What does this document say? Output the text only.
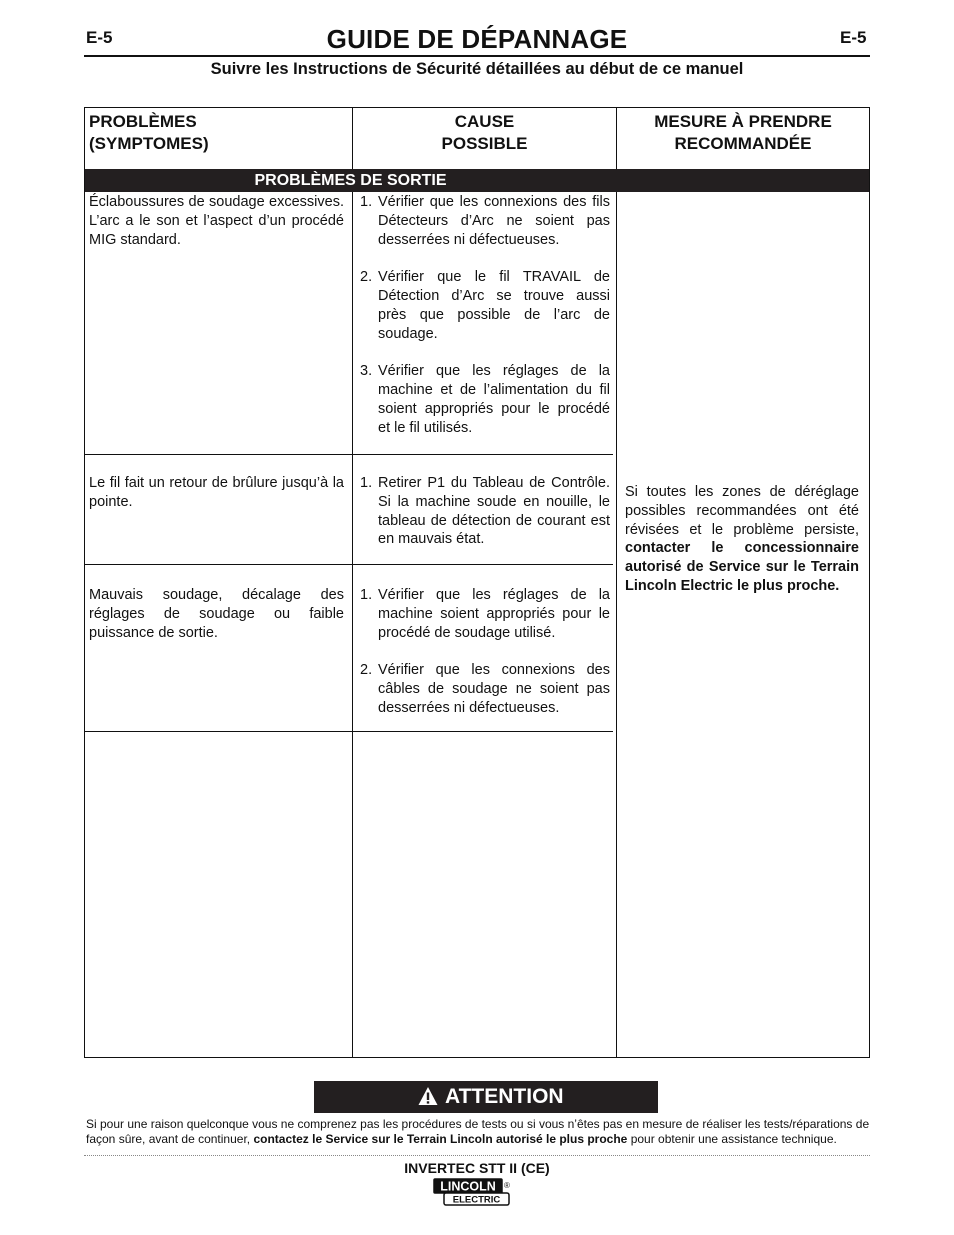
E-5	E-5
GUIDE DE DÉPANNAGE
Suivre les Instructions de Sécurité détaillées au début de ce manuel
PROBLÈMES
(SYMPTOMES)
CAUSE
POSSIBLE
MESURE À PRENDRE
RECOMMANDÉE
PROBLÈMES DE SORTIE
Éclaboussures de soudage excessives. L’arc a le son et l’aspect d’un procédé MIG standard.
1. Vérifier que les connexions des fils Détecteurs d’Arc ne soient pas desserrées ni défectueuses.
2. Vérifier que le fil TRAVAIL de Détection d’Arc se trouve aussi près que possible de l’arc de soudage.
3. Vérifier que les réglages de la machine et de l’alimentation du fil soient appropriés pour le procédé et le fil utilisés.
Le fil fait un retour de brûlure jusqu’à la pointe.
1. Retirer P1 du Tableau de Contrôle. Si la machine soude en nouille, le tableau de détection de courant est en mauvais état.
Mauvais soudage, décalage des réglages de soudage ou faible puissance de sortie.
1. Vérifier que les réglages de la machine soient appropriés pour le procédé de soudage utilisé.
2. Vérifier que les connexions des câbles de soudage ne soient pas desserrées ni défectueuses.
Si toutes les zones de déréglage possibles recommandées ont été révisées et le problème persiste, contacter le concessionnaire autorisé de Service sur le Terrain Lincoln Electric le plus proche.
ATTENTION
Si pour une raison quelconque vous ne comprenez pas les procédures de tests ou si vous n’êtes pas en mesure de réaliser les tests/réparations de façon sûre, avant de continuer, contactez le Service sur le Terrain Lincoln autorisé le plus proche pour obtenir une assistance technique.
INVERTEC STT II (CE)
LINCOLN
ELECTRIC
®
